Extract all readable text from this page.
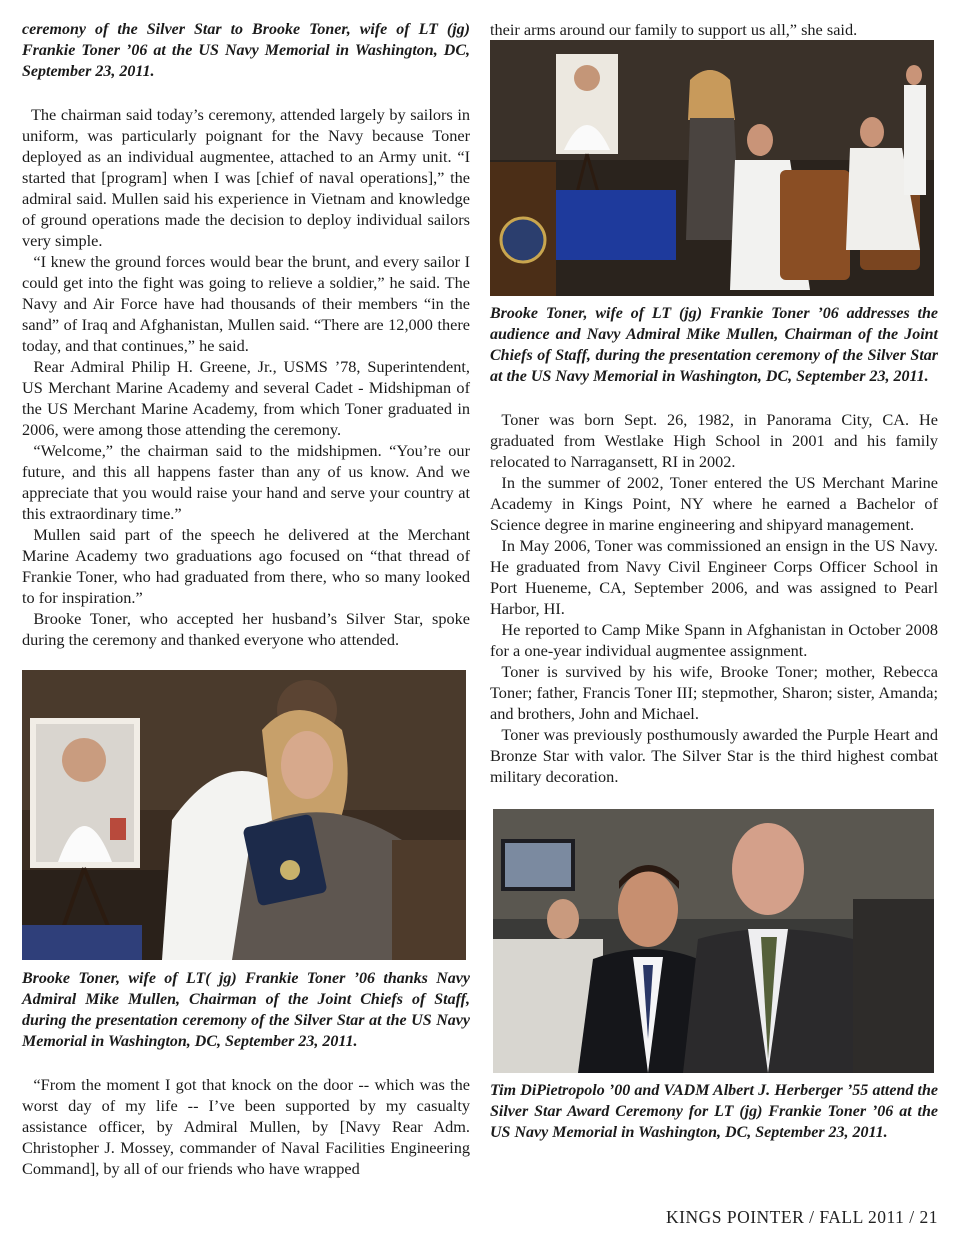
ceremony of the Silver Star to Brooke Toner, wife of LT (jg) Frankie Toner ’06 at the US Navy Memorial in Washington, DC, September 23, 2011.

The chairman said today’s ceremony, attended largely by sailors in uniform, was particularly poignant for the Navy because Toner deployed as an individual augmentee, attached to an Army unit. “I started that [program] when I was [chief of naval operations],” the admiral said. Mullen said his experience in Vietnam and knowledge of ground operations made the decision to deploy individual sailors very simple.

“I knew the ground forces would bear the brunt, and every sailor I could get into the fight was going to relieve a soldier,” he said. The Navy and Air Force have had thousands of their members “in the sand” of Iraq and Afghanistan, Mullen said. “There are 12,000 there today, and that continues,” he said.

Rear Admiral Philip H. Greene, Jr., USMS ’78, Superintendent, US Merchant Marine Academy and several Cadet - Midshipman of the US Merchant Marine Academy, from which Toner graduated in 2006, were among those attending the ceremony.

“Welcome,” the chairman said to the midshipmen. “You’re our future, and this all happens faster than any of us know. And we appreciate that you would raise your hand and serve your country at this extraordinary time.”

Mullen said part of the speech he delivered at the Merchant Marine Academy two graduations ago focused on “that thread of Frankie Toner, who had graduated from there, who so many looked to for inspiration.”

Brooke Toner, who accepted her husband’s Silver Star, spoke during the ceremony and thanked everyone who attended.

Brooke Toner, wife of LT( jg) Frankie Toner ’06 thanks Navy Admiral Mike Mullen, Chairman of the Joint Chiefs of Staff, during the presentation ceremony of the Silver Star at the US Navy Memorial in Washington, DC, September 23, 2011.

“From the moment I got that knock on the door -- which was the worst day of my life -- I’ve been supported by my casualty assistance officer, by Admiral Mullen, by [Navy Rear Adm. Christopher J. Mossey, commander of Naval Facilities Engineering Command], by all of our friends who have wrapped

their arms around our family to support us all,” she said.

Brooke Toner, wife of LT (jg) Frankie Toner ’06 addresses the audience and Navy Admiral Mike Mullen, Chairman of the Joint Chiefs of Staff, during the presentation ceremony of the Silver Star at the US Navy Memorial in Washington, DC, September 23, 2011.

Toner was born Sept. 26, 1982, in Panorama City, CA. He graduated from Westlake High School in 2001 and his family relocated to Narragansett, RI in 2002.

In the summer of 2002, Toner entered the US Merchant Marine Academy in Kings Point, NY where he earned a Bachelor of Science degree in marine engineering and shipyard management.

In May 2006, Toner was commissioned an ensign in the US Navy. He graduated from Navy Civil Engineer Corps Officer School in Port Hueneme, CA, September 2006, and was assigned to Pearl Harbor, HI.

He reported to Camp Mike Spann in Afghanistan in October 2008 for a one-year individual augmentee assignment.

Toner is survived by his wife, Brooke Toner; mother, Rebecca Toner; father, Francis Toner III; stepmother, Sharon; sister, Amanda; and brothers, John and Michael.

Toner was previously posthumously awarded the Purple Heart and Bronze Star with valor. The Silver Star is the third highest combat military decoration.

Tim DiPietropolo ’00 and VADM Albert J. Herberger ’55 attend the Silver Star Award Ceremony for LT (jg) Frankie Toner ’06 at the US Navy Memorial in Washington, DC, September 23, 2011.

KINGS POINTER / FALL 2011 / 21
